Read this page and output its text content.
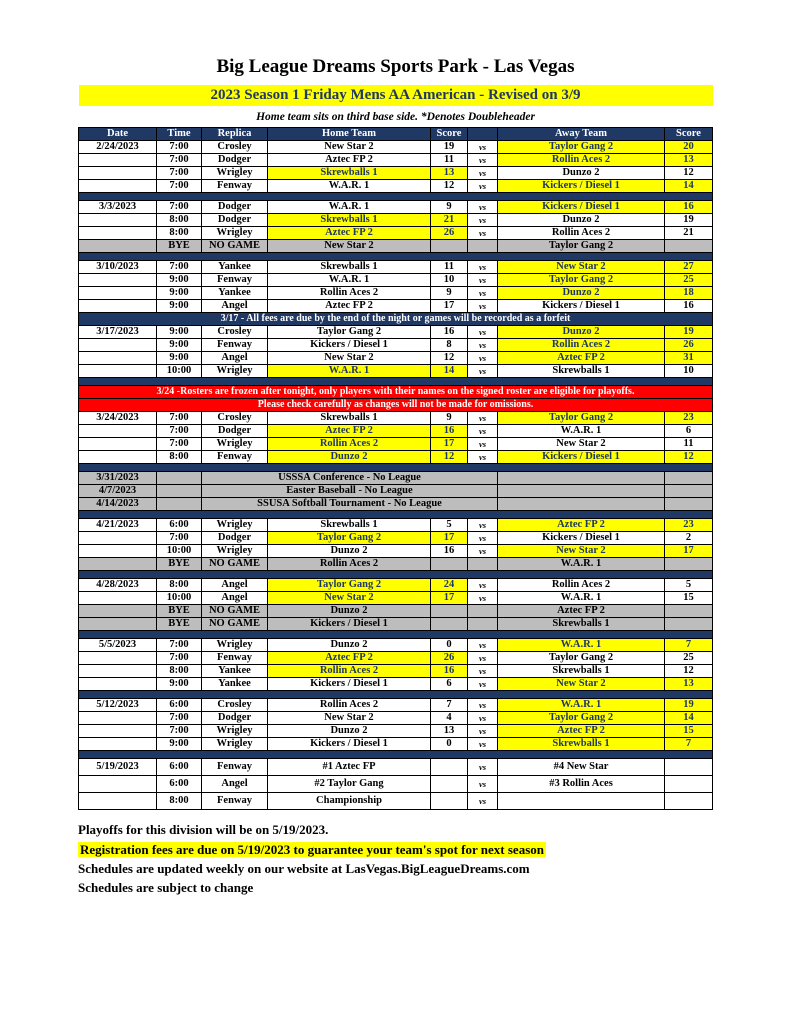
Big League Dreams Sports Park - Las Vegas
2023 Season 1 Friday Mens AA American - Revised on 3/9
Home team sits on third base side. *Denotes Doubleheader
Date	Time	Replica	Home Team	Score		Away Team	Score
2/24/2023	7:00	Crosley	New Star 2	19	vs	Taylor Gang 2	20
	7:00	Dodger	Aztec FP 2	11	vs	Rollin Aces 2	13
	7:00	Wrigley	Skrewballs 1	13	vs	Dunzo 2	12
	7:00	Fenway	W.A.R. 1	12	vs	Kickers / Diesel 1	14

3/3/2023	7:00	Dodger	W.A.R. 1	9	vs	Kickers / Diesel 1	16
	8:00	Dodger	Skrewballs 1	21	vs	Dunzo 2	19
	8:00	Wrigley	Aztec FP 2	26	vs	Rollin Aces 2	21
	BYE	NO GAME	New Star 2			Taylor Gang 2	

3/10/2023	7:00	Yankee	Skrewballs 1	11	vs	New Star 2	27
	9:00	Fenway	W.A.R. 1	10	vs	Taylor Gang 2	25
	9:00	Yankee	Rollin Aces 2	9	vs	Dunzo 2	18
	9:00	Angel	Aztec FP 2	17	vs	Kickers / Diesel 1	16
3/17 - All fees are due by the end of the night or games will be recorded as a forfeit							
3/17/2023	9:00	Crosley	Taylor Gang 2	16	vs	Dunzo 2	19
	9:00	Fenway	Kickers / Diesel 1	8	vs	Rollin Aces 2	26
	9:00	Angel	New Star 2	12	vs	Aztec FP 2	31
	10:00	Wrigley	W.A.R. 1	14	vs	Skrewballs 1	10

3/24 -Rosters are frozen after tonight, only players with their names on the signed roster are eligible for playoffs.							
Please check carefully as changes will not be made for omissions.							
3/24/2023	7:00	Crosley	Skrewballs 1	9	vs	Taylor Gang 2	23
	7:00	Dodger	Aztec FP 2	16	vs	W.A.R. 1	6
	7:00	Wrigley	Rollin Aces 2	17	vs	New Star 2	11
	8:00	Fenway	Dunzo 2	12	vs	Kickers / Diesel 1	12

3/31/2023		USSSA Conference - No League					
4/7/2023		Easter Baseball - No League					
4/14/2023		SSUSA Softball Tournament - No League					

4/21/2023	6:00	Wrigley	Skrewballs 1	5	vs	Aztec FP 2	23
	7:00	Dodger	Taylor Gang 2	17	vs	Kickers / Diesel 1	2
	10:00	Wrigley	Dunzo 2	16	vs	New Star 2	17
	BYE	NO GAME	Rollin Aces 2			W.A.R. 1	

4/28/2023	8:00	Angel	Taylor Gang 2	24	vs	Rollin Aces 2	5
	10:00	Angel	New Star 2	17	vs	W.A.R. 1	15
	BYE	NO GAME	Dunzo 2			Aztec FP 2	
	BYE	NO GAME	Kickers / Diesel 1			Skrewballs 1	

5/5/2023	7:00	Wrigley	Dunzo 2	0	vs	W.A.R. 1	7
	7:00	Fenway	Aztec FP 2	26	vs	Taylor Gang 2	25
	8:00	Yankee	Rollin Aces 2	16	vs	Skrewballs 1	12
	9:00	Yankee	Kickers / Diesel 1	6	vs	New Star 2	13

5/12/2023	6:00	Crosley	Rollin Aces 2	7	vs	W.A.R. 1	19
	7:00	Dodger	New Star 2	4	vs	Taylor Gang 2	14
	7:00	Wrigley	Dunzo 2	13	vs	Aztec FP 2	15
	9:00	Wrigley	Kickers / Diesel 1	0	vs	Skrewballs 1	7

5/19/2023	6:00	Fenway	#1 Aztec FP		vs	#4 New Star	
	6:00	Angel	#2 Taylor Gang		vs	#3 Rollin Aces	
	8:00	Fenway	Championship		vs		
Playoffs for this division will be on 5/19/2023.
Registration fees are due on 5/19/2023 to guarantee your team's spot for next season
Schedules are updated weekly on our website at LasVegas.BigLeagueDreams.com
Schedules are subject to change
